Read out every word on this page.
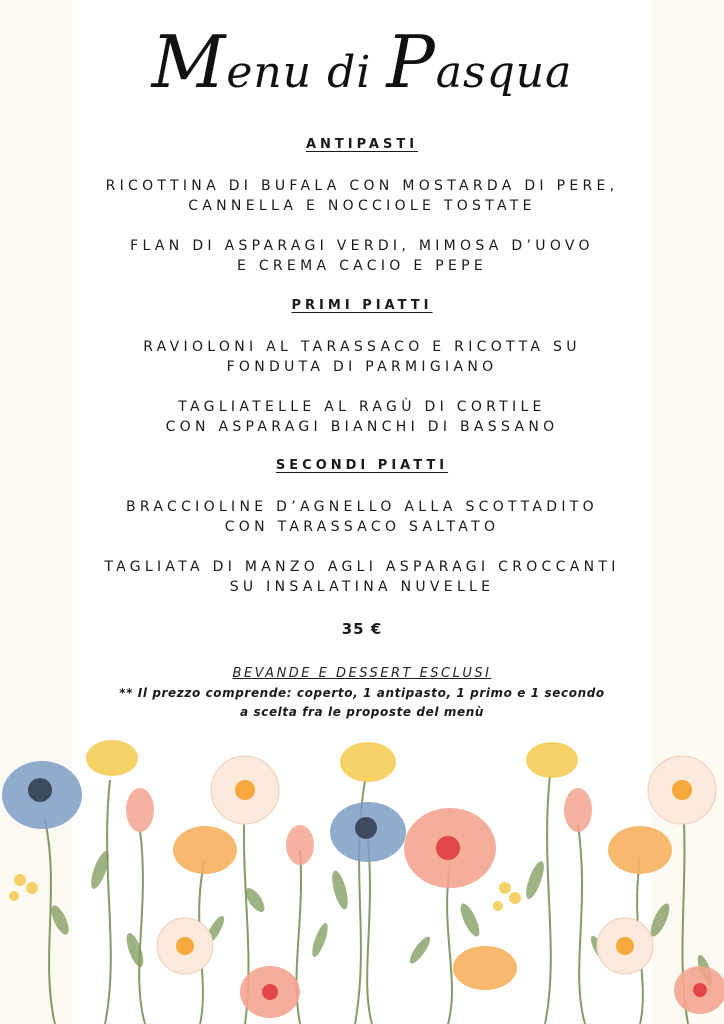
Menu di Pasqua
ANTIPASTI
RICOTTINA DI BUFALA CON MOSTARDA DI PERE,
CANNELLA E NOCCIOLE TOSTATE
FLAN DI ASPARAGI VERDI, MIMOSA D’UOVO
E CREMA CACIO E PEPE
PRIMI PIATTI
RAVIOLONI AL TARASSACO E RICOTTA SU
FONDUTA DI PARMIGIANO
TAGLIATELLE AL RAGÙ DI CORTILE
CON ASPARAGI BIANCHI DI BASSANO
SECONDI PIATTI
BRACCIOLINE D’AGNELLO ALLA SCOTTADITO
CON TARASSACO SALTATO
TAGLIATA DI MANZO AGLI ASPARAGI CROCCANTI
SU INSALATINA NUVELLE
35 €
BEVANDE E DESSERT ESCLUSI
** Il prezzo comprende: coperto, 1 antipasto, 1 primo e 1 secondo
a scelta fra le proposte del menù
